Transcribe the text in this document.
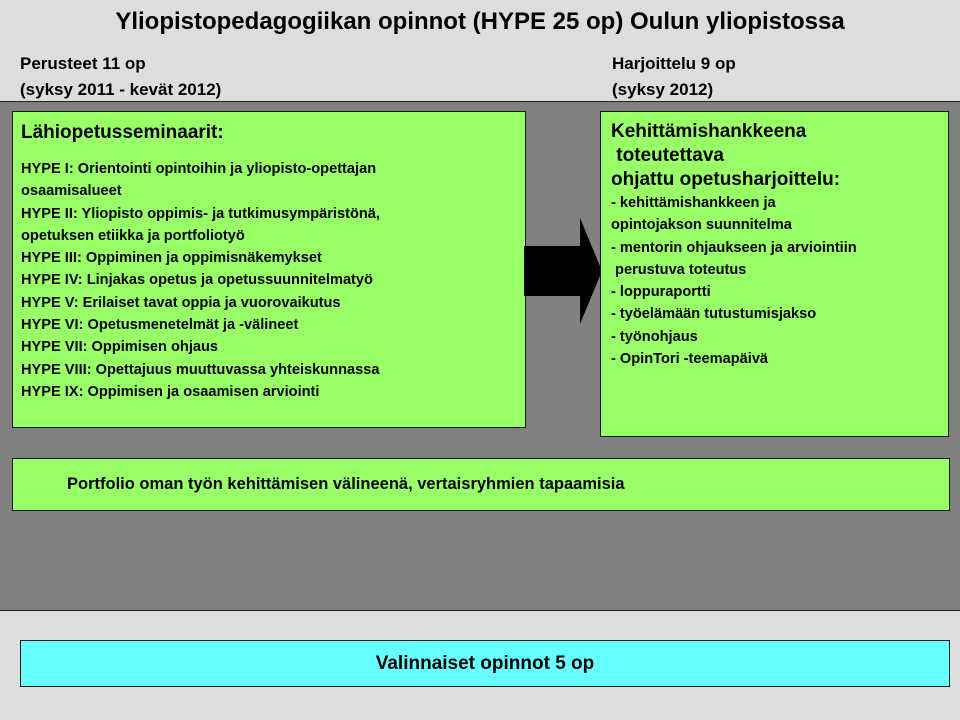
Yliopistopedagogiikan opinnot (HYPE 25 op) Oulun yliopistossa
Perusteet 11 op
(syksy 2011 - kevät 2012)
Harjoittelu 9 op
(syksy 2012)
Lähiopetusseminaarit:
HYPE I: Orientointi opintoihin ja yliopisto-opettajan
osaamisalueet
HYPE II: Yliopisto oppimis- ja tutkimusympäristönä,
opetuksen etiikka ja portfoliotyö
HYPE III: Oppiminen ja oppimisnäkemykset
HYPE IV: Linjakas opetus ja opetussuunnitelmatyö
HYPE V: Erilaiset tavat oppia ja vuorovaikutus
HYPE VI: Opetusmenetelmät ja -välineet
HYPE VII: Oppimisen ohjaus
HYPE VIII: Opettajuus muuttuvassa yhteiskunnassa
HYPE IX: Oppimisen ja osaamisen arviointi
Kehittämishankkeena
toteutettava
ohjattu opetusharjoittelu:
- kehittämishankkeen ja
opintojakson suunnitelma
- mentorin ohjaukseen ja arviointiin
perustuva toteutus
- loppuraportti
- työelämään tutustumisjakso
- työnohjaus
- OpinTori -teemapäivä
Portfolio oman työn kehittämisen välineenä, vertaisryhmien tapaamisia
Valinnaiset opinnot 5 op
